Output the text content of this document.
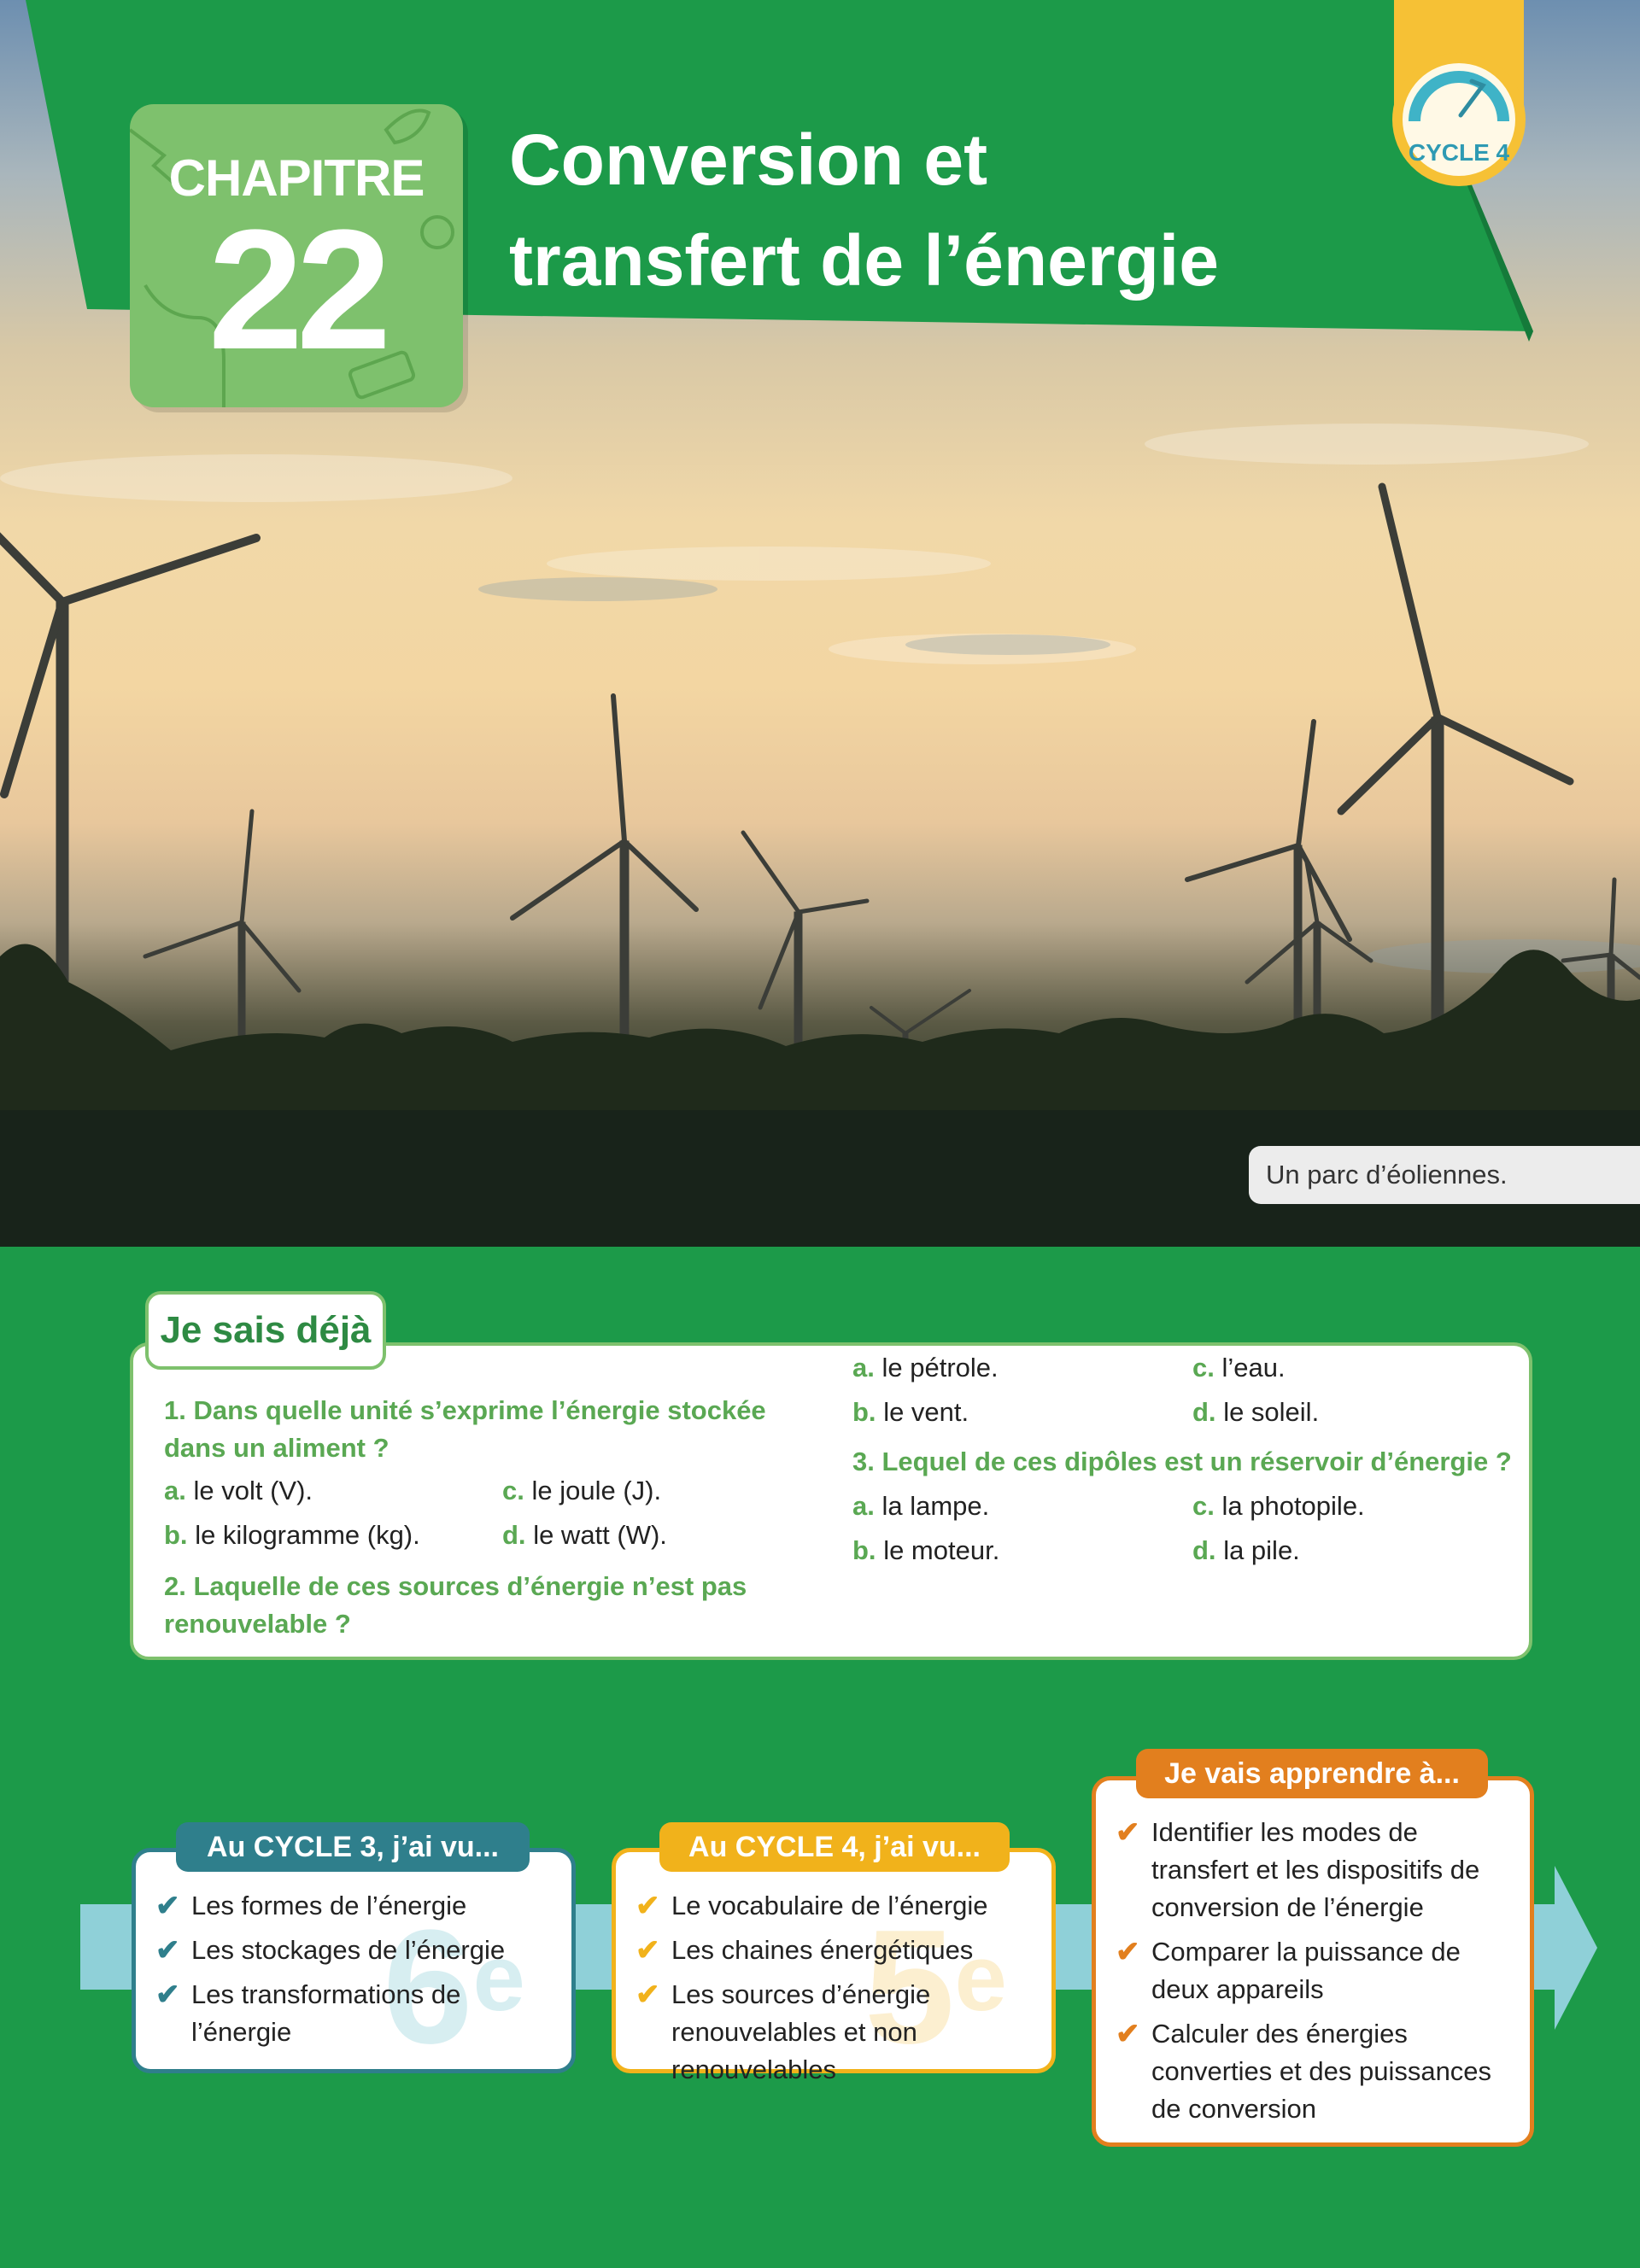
Un parc d’éoliennes.
CYCLE 4
CHAPITRE
22
Conversion et
transfert de l’énergie
Je sais déjà
1. Dans quelle unité s’exprime l’énergie stockée dans un aliment ?
a. le volt (V).	c. le joule (J).
b. le kilogramme (kg).	d. le watt (W).
2. Laquelle de ces sources d’énergie n’est pas renouvelable ?
a. le pétrole.	c. l’eau.
b. le vent.	d. le soleil.
3. Lequel de ces dipôles est un réservoir d’énergie ?
a. la lampe.	c. la photopile.
b. le moteur.	d. la pile.
Au CYCLE 3, j’ai vu...
6e
✔ Les formes de l’énergie
✔ Les stockages de l’énergie
✔ Les transformations de l’énergie
Au CYCLE 4, j’ai vu...
5e
✔ Le vocabulaire de l’énergie
✔ Les chaines énergétiques
✔ Les sources d’énergie renouvelables et non renouvelables
Je vais apprendre à...
✔ Identifier les modes de transfert et les dispositifs de conversion de l’énergie
✔ Comparer la puissance de deux appareils
✔ Calculer des énergies converties et des puissances de conversion
